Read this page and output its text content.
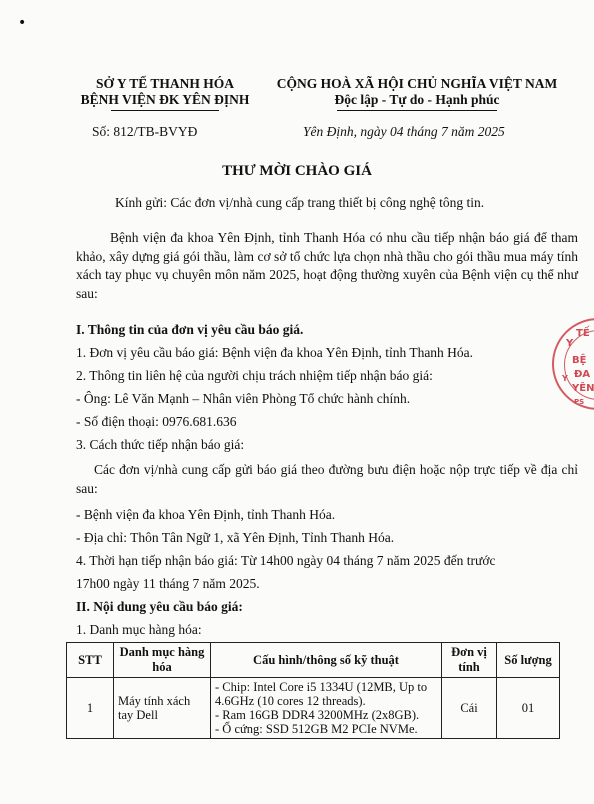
•
SỞ Y TẾ THANH HÓA
BỆNH VIỆN ĐK YÊN ĐỊNH
CỘNG HOÀ XÃ HỘI CHỦ NGHĨA VIỆT NAM
Độc lập - Tự do - Hạnh phúc
Số: 812/TB-BVYĐ	Yên Định, ngày 04 tháng 7 năm 2025
THƯ MỜI CHÀO GIÁ
Kính gửi: Các đơn vị/nhà cung cấp trang thiết bị công nghệ tông tin.
Bệnh viện đa khoa Yên Định, tỉnh Thanh Hóa có nhu cầu tiếp nhận báo giá để tham khảo, xây dựng giá gói thầu, làm cơ sở tổ chức lựa chọn nhà thầu cho gói thầu mua máy tính xách tay phục vụ chuyên môn năm 2025, hoạt động thường xuyên của Bệnh viện cụ thể như sau:
I. Thông tin của đơn vị yêu cầu báo giá.
1. Đơn vị yêu cầu báo giá: Bệnh viện đa khoa Yên Định, tỉnh Thanh Hóa.
2. Thông tin liên hệ của người chịu trách nhiệm tiếp nhận báo giá:
- Ông: Lê Văn Mạnh – Nhân viên Phòng Tổ chức hành chính.
- Số điện thoại: 0976.681.636
3. Cách thức tiếp nhận báo giá:
Các đơn vị/nhà cung cấp gửi báo giá theo đường bưu điện hoặc nộp trực tiếp về địa chỉ sau:
- Bệnh viện đa khoa Yên Định, tỉnh Thanh Hóa.
- Địa chỉ: Thôn Tân Ngữ 1, xã Yên Định, Tỉnh Thanh Hóa.
4. Thời hạn tiếp nhận báo giá: Từ 14h00 ngày 04 tháng 7 năm 2025 đến trước
17h00 ngày 11 tháng 7 năm 2025.
II. Nội dung yêu cầu báo giá:
1. Danh mục hàng hóa:
STT	Danh mục hàng hóa	Cấu hình/thông số kỹ thuật	Đơn vị tính	Số lượng
1	Máy tính xách tay Dell	- Chip: Intel Core i5 1334U (12MB, Up to 4.6GHz (10 cores 12 threads).
- Ram 16GB DDR4 3200MHz (2x8GB).
- Ổ cứng: SSD 512GB M2 PCIe NVMe.	Cái	01
Y
TẾ
BỆ
ĐA
YÊN
Y
PS
